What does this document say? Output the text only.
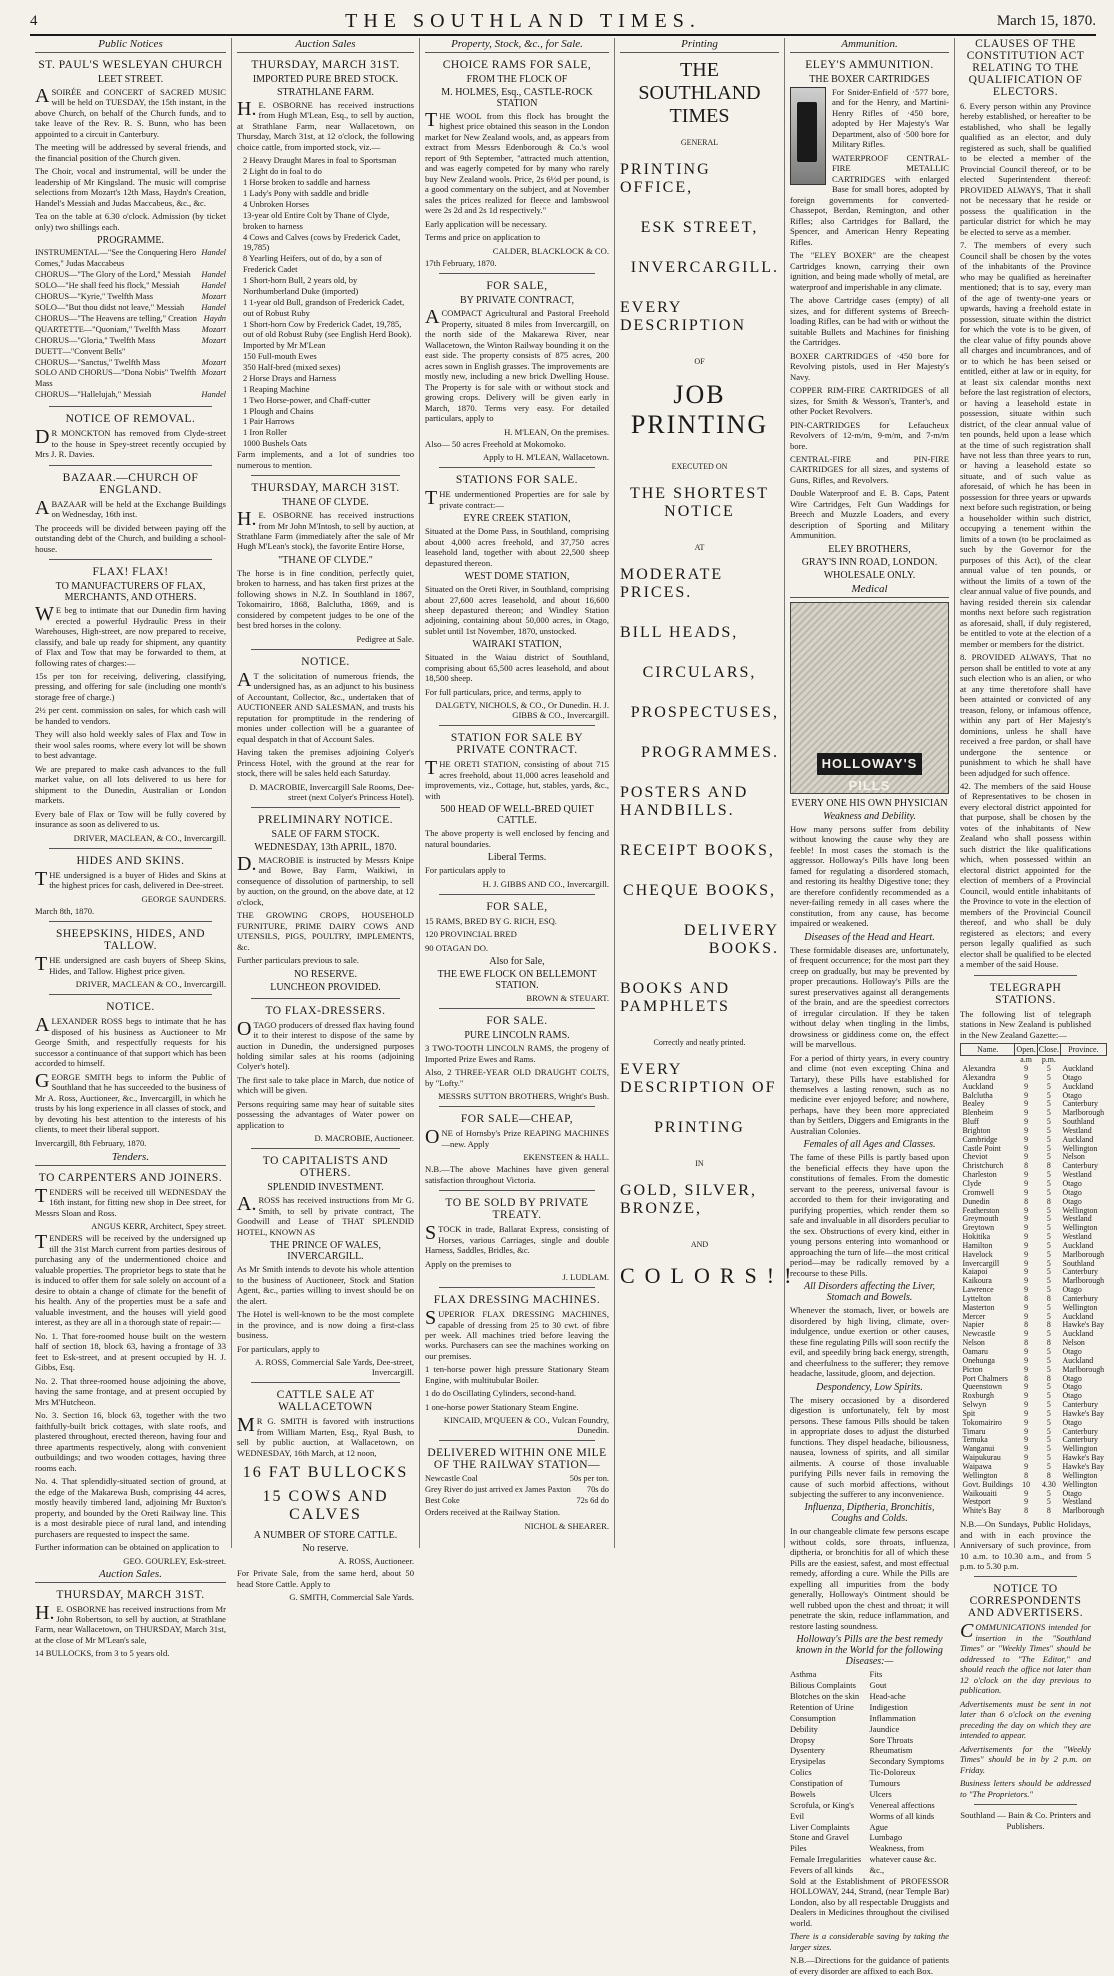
4	THE SOUTHLAND TIMES.	March 15, 1870.
Public Notices
ST. PAUL'S WESLEYAN CHURCH
LEET STREET.

ASOIRÉE and CONCERT of SACRED MUSIC will be held on TUESDAY, the 15th instant, in the above Church, on behalf of the Church funds, and to take leave of the Rev. R. S. Bunn, who has been appointed to a circuit in Canterbury.

The meeting will be addressed by several friends, and the financial position of the Church given.

The Choir, vocal and instrumental, will be under the leadership of Mr Kingsland. The music will comprise selections from Mozart's 12th Mass, Haydn's Creation, Handel's Messiah and Judas Maccabeus, &c., &c.

Tea on the table at 6.30 o'clock. Admission (by ticket only) two shillings each.

PROGRAMME.
INSTRUMENTAL—"See the Conquering Hero Comes," Judas Maccabeus
Handel
CHORUS—"The Glory of the Lord," Messiah Handel
SOLO—"He shall feed his flock," Messiah	Handel
CHORUS—"Kyrie," Twelfth Mass	Mozart
SOLO—"But thou didst not leave," Messiah Handel
CHORUS—"The Heavens are telling," Creation Haydn
QUARTETTE—"Quoniam," Twelfth Mass	Mozart
CHORUS—"Gloria," Twelfth Mass	Mozart
DUETT—"Convent Bells"
CHORUS—"Sanctus," Twelfth Mass	Mozart
SOLO AND CHORUS—"Dona Nobis" Twelfth Mass
Mozart
CHORUS—"Hallelujah," Messiah	Handel
NOTICE OF REMOVAL.

DR MONCKTON has removed from Clyde-street to the house in Spey-street recently occupied by Mrs J. R. Davies.

BAZAAR.—CHURCH OF ENGLAND.

ABAZAAR will be held at the Exchange Buildings on Wednesday, 16th inst.

The proceeds will be divided between paying off the outstanding debt of the Church, and building a school-house.

FLAX! FLAX!
TO MANUFACTURERS OF FLAX, MERCHANTS, AND OTHERS.

WE beg to intimate that our Dunedin firm having erected a powerful Hydraulic Press in their Warehouses, High-street, are now prepared to receive, classify, and bale up ready for shipment, any quantity of Flax and Tow that may be forwarded to them, at following rates of charges:—

15s per ton for receiving, delivering, classifying, pressing, and offering for sale (including one month's storage free of charge.)

2½ per cent. commission on sales, for which cash will be handed to vendors.

They will also hold weekly sales of Flax and Tow in their wool sales rooms, where every lot will be shown to best advantage.

We are prepared to make cash advances to the full market value, on all lots delivered to us here for shipment to the Dunedin, Australian or London markets.

Every bale of Flax or Tow will be fully covered by insurance as soon as delivered to us.

DRIVER, MACLEAN, & CO., Invercargill.
HIDES AND SKINS.

THE undersigned is a buyer of Hides and Skins at the highest prices for cash, delivered in Dee-street.

GEORGE SAUNDERS.

March 8th, 1870.

SHEEPSKINS, HIDES, AND TALLOW.

THE undersigned are cash buyers of Sheep Skins, Hides, and Tallow. Highest price given.

DRIVER, MACLEAN & CO., Invercargill.
NOTICE.

ALEXANDER ROSS begs to intimate that he has disposed of his business as Auctioneer to Mr George Smith, and respectfully requests for his successor a continuance of that support which has been accorded to himself.

GEORGE SMITH begs to inform the Public of Southland that he has succeeded to the business of Mr A. Ross, Auctioneer, &c., Invercargill, in which he trusts by his long experience in all classes of stock, and by devoting his best attention to the interests of his clients, to meet their liberal support.

Invercargill, 8th February, 1870.

Tenders.
TO CARPENTERS AND JOINERS.

TENDERS will be received till WEDNESDAY the 16th instant, for fitting new shop in Dee street, for Messrs Sloan and Ross.

ANGUS KERR, Architect, Spey street.

TENDERS will be received by the undersigned up till the 31st March current from parties desirous of purchasing any of the undermentioned choice and valuable properties. The proprietor begs to state that he is induced to offer them for sale solely on account of a desire to obtain a change of climate for the benefit of his health. Any of the properties must be a safe and valuable investment, and the houses will yield good interest, as they are all in a thorough state of repair:—

No. 1. That fore-roomed house built on the western half of section 18, block 63, having a frontage of 33 feet to Esk-street, and at present occupied by H. J. Gibbs, Esq.

No. 2. That three-roomed house adjoining the above, having the same frontage, and at present occupied by Mrs M'Hutcheon.

No. 3. Section 16, block 63, together with the two faithfully-built brick cottages, with slate roofs, and plastered throughout, erected thereon, having four and three apartments respectively, along with convenient outbuildings; and two wooden cottages, having three rooms each.

No. 4. That splendidly-situated section of ground, at the edge of the Makarewa Bush, comprising 44 acres, mostly heavily timbered land, adjoining Mr Buxton's property, and bounded by the Oreti Railway line. This is a most desirable piece of rural land, and intending purchasers are requested to inspect the same.

Further information can be obtained on application to

GEO. GOURLEY, Esk-street.
Auction Sales.
THURSDAY, MARCH 31ST.

H.E. OSBORNE has received instructions from Mr John Robertson, to sell by auction, at Strathlane Farm, near Wallacetown, on THURSDAY, March 31st, at the close of Mr M'Lean's sale,

14 BULLOCKS, from 3 to 5 years old.

Auction Sales
THURSDAY, MARCH 31ST.
IMPORTED PURE BRED STOCK.
STRATHLANE FARM.

H.E. OSBORNE has received instructions from Hugh M'Lean, Esq., to sell by auction, at Strathlane Farm, near Wallacetown, on Thursday, March 31st, at 12 o'clock, the following choice cattle, from imported stock, viz.—

2 Heavy Draught Mares in foal to Sportsman
2 Light do in foal to do
1 Horse broken to saddle and harness
1 Lady's Pony with saddle and bridle
4 Unbroken Horses
13-year old Entire Colt by Thane of Clyde, broken to harness
4 Cows and Calves (cows by Frederick Cadet, 19,785)
8 Yearling Heifers, out of do, by a son of Frederick Cadet
1 Short-horn Bull, 2 years old, by Northumberland Duke (imported)
1 1-year old Bull, grandson of Frederick Cadet, out of Robust Ruby
1 Short-horn Cow by Frederick Cadet, 19,785, out of old Robust Ruby (see English Herd Book). Imported by Mr M'Lean
150 Full-mouth Ewes
350 Half-bred (mixed sexes)
2 Horse Drays and Harness
1 Reaping Machine
1 Two Horse-power, and Chaff-cutter
1 Plough and Chains
1 Pair Harrows
1 Iron Roller
1000 Bushels Oats

Farm implements, and a lot of sundries too numerous to mention.

THURSDAY, MARCH 31ST.
THANE OF CLYDE.

H.E. OSBORNE has received instructions from Mr John M'Intosh, to sell by auction, at Strathlane Farm (immediately after the sale of Mr Hugh M'Lean's stock), the favorite Entire Horse,

"THANE OF CLYDE."

The horse is in fine condition, perfectly quiet, broken to harness, and has taken first prizes at the following shows in N.Z. In Southland in 1867, Tokomairiro, 1868, Balclutha, 1869, and is considered by competent judges to be one of the best bred horses in the colony.

Pedigree at Sale.
NOTICE.

AT the solicitation of numerous friends, the undersigned has, as an adjunct to his business of Accountant, Collector, &c., undertaken that of AUCTIONEER AND SALESMAN, and trusts his reputation for promptitude in the rendering of monies under collection will be a guarantee of equal despatch in that of Account Sales.

Having taken the premises adjoining Colyer's Princess Hotel, with the ground at the rear for stock, there will be sales held each Saturday.

D. MACROBIE, Invercargill Sale Rooms, Dee-street (next Colyer's Princess Hotel).
PRELIMINARY NOTICE.
SALE OF FARM STOCK.
WEDNESDAY, 13th APRIL, 1870.

D.MACROBIE is instructed by Messrs Knipe and Bowe, Bay Farm, Waikiwi, in consequence of dissolution of partnership, to sell by auction, on the ground, on the above date, at 12 o'clock,

THE GROWING CROPS, HOUSEHOLD FURNITURE, PRIME DAIRY COWS AND UTENSILS, PIGS, POULTRY, IMPLEMENTS, &c.

Further particulars previous to sale.

NO RESERVE.
LUNCHEON PROVIDED.
TO FLAX-DRESSERS.

OTAGO producers of dressed flax having found it to their interest to dispose of the same by auction in Dunedin, the undersigned purposes holding similar sales at his rooms (adjoining Colyer's hotel).

The first sale to take place in March, due notice of which will be given.

Persons requiring same may hear of suitable sites possessing the advantages of Water power on application to

D. MACROBIE, Auctioneer.
TO CAPITALISTS AND OTHERS.
SPLENDID INVESTMENT.

A.ROSS has received instructions from Mr G. Smith, to sell by private contract, The Goodwill and Lease of THAT SPLENDID HOTEL, KNOWN AS

THE PRINCE OF WALES, INVERCARGILL.

As Mr Smith intends to devote his whole attention to the business of Auctioneer, Stock and Station Agent, &c., parties willing to invest should be on the alert.

The Hotel is well-known to be the most complete in the province, and is now doing a first-class business.

For particulars, apply to

A. ROSS, Commercial Sale Yards, Dee-street, Invercargill.
CATTLE SALE AT WALLACETOWN

MR G. SMITH is favored with instructions from William Marten, Esq., Ryal Bush, to sell by public auction, at Wallacetown, on WEDNESDAY, 16th March, at 12 noon,

16 FAT BULLOCKS
15 COWS AND CALVES
A NUMBER OF STORE CATTLE.
No reserve.
A. ROSS, Auctioneer.

For Private Sale, from the same herd, about 50 head Store Cattle. Apply to

G. SMITH, Commercial Sale Yards.
Property, Stock, &c., for Sale.
CHOICE RAMS FOR SALE,
FROM THE FLOCK OF
M. HOLMES, Esq., CASTLE-ROCK STATION

THE WOOL from this flock has brought the highest price obtained this season in the London market for New Zealand wools, and, as appears from extract from Messrs Edenborough & Co.'s wool report of 9th September, "attracted much attention, and was eagerly competed for by many who rarely buy New Zealand wools. Price, 2s 6½d per pound, is a good commentary on the subject, and at November sales the prices realized for fleece and lambswool were 2s 2d and 2s 1d respectively."

Early application will be necessary.

Terms and price on application to

CALDER, BLACKLOCK & CO.

17th February, 1870.

FOR SALE,
BY PRIVATE CONTRACT,

ACOMPACT Agricultural and Pastoral Freehold Property, situated 8 miles from Invercargill, on the north side of the Makarewa River, near Wallacetown, the Winton Railway bounding it on the east side. The property consists of 875 acres, 200 acres sown in English grasses. The improvements are mostly new, including a new brick Dwelling House. The Property is for sale with or without stock and growing crops. Delivery will be given early in March, 1870. Terms very easy. For detailed particulars, apply to

H. M'LEAN, On the premises.

Also— 50 acres Freehold at Mokomoko.

Apply to H. M'LEAN, Wallacetown.
STATIONS FOR SALE.

THE undermentioned Properties are for sale by private contract:—

EYRE CREEK STATION,

Situated at the Dome Pass, in Southland, comprising about 4,000 acres freehold, and 37,750 acres leasehold land, together with about 22,500 sheep depastured thereon.

WEST DOME STATION,

Situated on the Oreti River, in Southland, comprising about 27,600 acres leasehold, and about 16,600 sheep depastured thereon; and Windley Station adjoining, containing about 50,000 acres, in Otago, sublet until 1st November, 1870, unstocked.

WAIRAKI STATION,

Situated in the Waiau district of Southland, comprising about 65,500 acres leasehold, and about 18,500 sheep.

For full particulars, price, and terms, apply to

DALGETY, NICHOLS, & CO., Or Dunedin. H. J. GIBBS & CO., Invercargill.
STATION FOR SALE BY PRIVATE CONTRACT.

THE ORETI STATION, consisting of about 715 acres freehold, about 11,000 acres leasehold and improvements, viz., Cottage, hut, stables, yards, &c., with

500 HEAD OF WELL-BRED QUIET CATTLE.

The above property is well enclosed by fencing and natural boundaries.

Liberal Terms.

For particulars apply to

H. J. GIBBS AND CO., Invercargill.
FOR SALE,

15 RAMS, BRED BY G. RICH, ESQ.

120 PROVINCIAL BRED

90 OTAGAN DO.

Also for Sale,
THE EWE FLOCK ON BELLEMONT STATION.
BROWN & STEUART.
FOR SALE.
PURE LINCOLN RAMS.

3 TWO-TOOTH LINCOLN RAMS, the progeny of Imported Prize Ewes and Rams.

Also, 2 THREE-YEAR OLD DRAUGHT COLTS, by "Lofty."

MESSRS SUTTON BROTHERS, Wright's Bush.
FOR SALE—CHEAP,

ONE of Hornsby's Prize REAPING MACHINES—new. Apply

EKENSTEEN & HALL.

N.B.—The above Machines have given general satisfaction throughout Victoria.

TO BE SOLD BY PRIVATE TREATY.

STOCK in trade, Ballarat Express, consisting of Horses, various Carriages, single and double Harness, Saddles, Bridles, &c.

Apply on the premises to

J. LUDLAM.
FLAX DRESSING MACHINES.

SUPERIOR FLAX DRESSING MACHINES, capable of dressing from 25 to 30 cwt. of fibre per week. All machines tried before leaving the works. Purchasers can see the machines working on our premises.

1 ten-horse power high pressure Stationary Steam Engine, with multitubular Boiler.

1 do do Oscillating Cylinders, second-hand.

1 one-horse power Stationary Steam Engine.

KINCAID, M'QUEEN & CO., Vulcan Foundry, Dunedin.
DELIVERED WITHIN ONE MILE OF THE RAILWAY STATION—
Newcastle Coal	50s per ton.
Grey River do just arrived ex James Paxton 70s do
Best Coke	72s 6d do

Orders received at the Railway Station.

NICHOL & SHEARER.
Printing
THE SOUTHLAND TIMES
GENERAL
PRINTING OFFICE,
ESK STREET,
INVERCARGILL.
EVERY DESCRIPTION
OF
JOB PRINTING
EXECUTED ON
THE SHORTEST NOTICE
AT
MODERATE PRICES.
BILL HEADS,
CIRCULARS,
PROSPECTUSES,
PROGRAMMES.
POSTERS AND HANDBILLS.
RECEIPT BOOKS,
CHEQUE BOOKS,
DELIVERY BOOKS.
BOOKS AND PAMPHLETS
Correctly and neatly printed.
EVERY DESCRIPTION OF
PRINTING
IN
GOLD, SILVER, BRONZE,
AND
COLORS!!
Ammunition.
ELEY'S AMMUNITION.
THE BOXER CARTRIDGES

For Snider-Enfield of ·577 bore, and for the Henry, and Martini-Henry Rifles of ·450 bore, adopted by Her Majesty's War Department, also of ·500 bore for Military Rifles.

WATERPROOF CENTRAL-FIRE METALLIC CARTRIDGES with enlarged Base for small bores, adopted by foreign governments for converted-Chassepot, Berdan, Remington, and other Rifles; also Cartridges for Ballard, the Spencer, and American Henry Repeating Rifles.

The "ELEY BOXER" are the cheapest Cartridges known, carrying their own ignition, and being made wholly of metal, are waterproof and imperishable in any climate.

The above Cartridge cases (empty) of all sizes, and for different systems of Breech-loading Rifles, can be had with or without the suitable Bullets and Machines for finishing the Cartridges.

BOXER CARTRIDGES of ·450 bore for Revolving pistols, used in Her Majesty's Navy.

COPPER RIM-FIRE CARTRIDGES of all sizes, for Smith & Wesson's, Tranter's, and other Pocket Revolvers.

PIN-CARTRIDGES for Lefaucheux Revolvers of 12-m/m, 9-m/m, and 7-m/m bore.

CENTRAL-FIRE and PIN-FIRE CARTRIDGES for all sizes, and systems of Guns, Rifles, and Revolvers.

Double Waterproof and E. B. Caps, Patent Wire Cartridges, Felt Gun Waddings for Breech and Muzzle Loaders, and every description of Sporting and Military Ammunition.

ELEY BROTHERS,
GRAY'S INN ROAD, LONDON.
WHOLESALE ONLY.
Medical
HOLLOWAY'S PILLS
EVERY ONE HIS OWN PHYSICIAN
Weakness and Debility.

How many persons suffer from debility without knowing the cause why they are feeble! In most cases the stomach is the aggressor. Holloway's Pills have long been famed for regulating a disordered stomach, and restoring its healthy Digestive tone; they are therefore confidently recommended as a never-failing remedy in all cases where the constitution, from any cause, has become impaired or weakened.

Diseases of the Head and Heart.

These formidable diseases are, unfortunately, of frequent occurrence; for the most part they creep on gradually, but may be prevented by proper precautions. Holloway's Pills are the surest preservatives against all derangements of the brain, and are the speediest correctors of irregular circulation. If they be taken without delay when tingling in the limbs, drowsiness or giddiness come on, the effect will be marvellous.

For a period of thirty years, in every country and clime (not even excepting China and Tartary), these Pills have established for themselves a lasting renown, such as no medicine ever enjoyed before; and nowhere, perhaps, have they been more appreciated than by Settlers, Diggers and Emigrants in the Australian Colonies.

Females of all Ages and Classes.

The fame of these Pills is partly based upon the beneficial effects they have upon the constitutions of females. From the domestic servant to the peeress, universal favour is accorded to them for their invigorating and purifying properties, which render them so safe and invaluable in all disorders peculiar to the sex. Obstructions of every kind, either in young persons entering into womanhood or approaching the turn of life—the most critical period—may be radically removed by a recourse to these Pills.

All Disorders affecting the Liver, Stomach and Bowels.

Whenever the stomach, liver, or bowels are disordered by high living, climate, over-indulgence, undue exertion or other causes, these fine regulating Pills will soon rectify the evil, and speedily bring back energy, strength, and cheerfulness to the sufferer; they remove headache, lassitude, gloom, and dejection.

Despondency, Low Spirits.

The misery occasioned by a disordered digestion is unfortunately, felt by most persons. These famous Pills should be taken in appropriate doses to adjust the disturbed functions. They dispel headache, biliousness, nausea, lowness of spirits, and all similar ailments. A course of those invaluable purifying Pills never fails in removing the cause of such morbid affections, without subjecting the sufferer to any inconvenience.

Influenza, Diptheria, Bronchitis, Coughs and Colds.

In our changeable climate few persons escape without colds, sore throats, influenza, diptheria, or bronchitis for all of which these Pills are the easiest, safest, and most effectual remedy, affording a cure. While the Pills are expelling all impurities from the body generally, Holloway's Ointment should be well rubbed upon the chest and throat; it will penetrate the skin, reduce inflammation, and restore lasting soundness.

Holloway's Pills are the best remedy known in the World for the following Diseases:—
Asthma
Bilious Complaints
Blotches on the skin
Retention of Urine
Consumption
Debility
Dropsy
Dysentery
Erysipelas
Colics
Constipation of Bowels
Scrofula, or King's Evil
Liver Complaints
Stone and Gravel
Piles
Female Irregularities
Fevers of all kinds
Fits
Gout
Head-ache
Indigestion
Inflammation
Jaundice
Sore Throats
Rheumatism
Secondary Symptoms
Tic-Doloreux
Tumours
Ulcers
Venereal affections
Worms of all kinds
Ague
Lumbago
Weakness, from whatever cause &c. &c.,

Sold at the Establishment of PROFESSOR HOLLOWAY, 244, Strand, (near Temple Bar) London, also by all respectable Druggists and Dealers in Medicines throughout the civilised world.

There is a considerable saving by taking the larger sizes.

N.B.—Directions for the guidance of patients of every disorder are affixed to each Box.

CLAUSES OF THE CONSTITUTION ACT RELATING TO THE QUALIFICATION OF ELECTORS.

6. Every person within any Province hereby established, or hereafter to be established, who shall be legally qualified as an elector, and duly registered as such, shall be qualified to be elected a member of the Provincial Council thereof, or to be elected Superintendent thereof: PROVIDED ALWAYS, That it shall not be necessary that he reside or possess the qualification in the particular district for which he may be elected to serve as a member.

7. The members of every such Council shall be chosen by the votes of the inhabitants of the Province who may be qualified as hereinafter mentioned; that is to say, every man of the age of twenty-one years or upwards, having a freehold estate in possession, situate within the district for which the vote is to be given, of the clear value of fifty pounds above all charges and incumbrances, and of or to which he has been seised or entitled, either at law or in equity, for at least six calendar months next before the last registration of electors, or having a leasehold estate in possession, situate within such district, of the clear annual value of ten pounds, held upon a lease which at the time of such registration shall have not less than three years to run, or having a leasehold estate so situate, and of such value as aforesaid, of which he has been in possession for three years or upwards next before such registration, or being a householder within such district, occupying a tenement within the limits of a town (to be proclaimed as such by the Governor for the purposes of this Act), of the clear annual value of ten pounds, or without the limits of a town of the clear annual value of five pounds, and having resided therein six calendar months next before such registration as aforesaid, shall, if duly registered, be entitled to vote at the election of a member or members for the district.

8. PROVIDED ALWAYS, That no person shall be entitled to vote at any such election who is an alien, or who at any time theretofore shall have been attainted or convicted of any treason, felony, or infamous offence, within any part of Her Majesty's dominions, unless he shall have received a free pardon, or shall have undergone the sentence or punishment to which he shall have been adjudged for such offence.

42. The members of the said House of Representatives to be chosen in every electoral district appointed for that purpose, shall be chosen by the votes of the inhabitants of New Zealand who shall possess within such district the like qualifications which, when possessed within an electoral district appointed for the election of members of a Provincial Council, would entitle inhabitants of the Province to vote in the election of members of the Provincial Council thereof, and who shall be duly registered as electors; and every person legally qualified as such elector shall be qualified to be elected a member of the said House.

TELEGRAPH STATIONS.

The following list of telegraph stations in New Zealand is published in the New Zealand Gazette:—

Name.	Open.	Close.	Province.
	a.m	p.m.	
Alexandra	9	5	Auckland
Alexandra	9	5	Otago
Auckland	9	5	Auckland
Balclutha	9	5	Otago
Bealey	9	5	Canterbury
Blenheim	9	5	Marlborough
Bluff	9	5	Southland
Brighton	9	5	Westland
Cambridge	9	5	Auckland
Castle Point	9	5	Wellington
Cheviot	9	5	Nelson
Christchurch	8	8	Canterbury
Charleston	9	5	Westland
Clyde	9	5	Otago
Cromwell	9	5	Otago
Dunedin	8	8	Otago
Featherston	9	5	Wellington
Greymouth	9	5	Westland
Greytown	9	5	Wellington
Hokitika	9	5	Westland
Hamilton	9	5	Auckland
Havelock	9	5	Marlborough
Invercargill	9	5	Southland
Kaiapoi	9	5	Canterbury
Kaikoura	9	5	Marlborough
Lawrence	9	5	Otago
Lyttelton	8	8	Canterbury
Masterton	9	5	Wellington
Mercer	9	5	Auckland
Napier	8	8	Hawke's Bay
Newcastle	9	5	Auckland
Nelson	8	8	Nelson
Oamaru	9	5	Otago
Onehunga	9	5	Auckland
Picton	9	5	Marlborough
Port Chalmers	8	8	Otago
Queenstown	9	5	Otago
Roxburgh	9	5	Otago
Selwyn	9	5	Canterbury
Spit	9	5	Hawke's Bay
Tokomairiro	9	5	Otago
Timaru	9	5	Canterbury
Temuka	9	5	Canterbury
Wanganui	9	5	Wellington
Waipukurau	9	5	Hawke's Bay
Waipawa	9	5	Hawke's Bay
Wellington	8	8	Wellington
Govt. Buildings	10	4.30	Wellington
Waikouaiti	9	5	Otago
Westport	9	5	Westland
White's Bay	8	8	Marlborough

N.B.—On Sundays, Public Holidays, and with in each province the Anniversary of such province, from 10 a.m. to 10.30 a.m., and from 5 p.m. to 5.30 p.m.

NOTICE TO CORRESPONDENTS AND ADVERTISERS.

COMMUNICATIONS intended for insertion in the "Southland Times" or "Weekly Times" should be addressed to "The Editor," and should reach the office not later than 12 o'clock on the day previous to publication.

Advertisements must be sent in not later than 6 o'clock on the evening preceding the day on which they are intended to appear.

Advertisements for the "Weekly Times" should be in by 2 p.m. on Friday.

Business letters should be addressed to "The Proprietors."

Southland — Bain & Co. Printers and Publishers.
